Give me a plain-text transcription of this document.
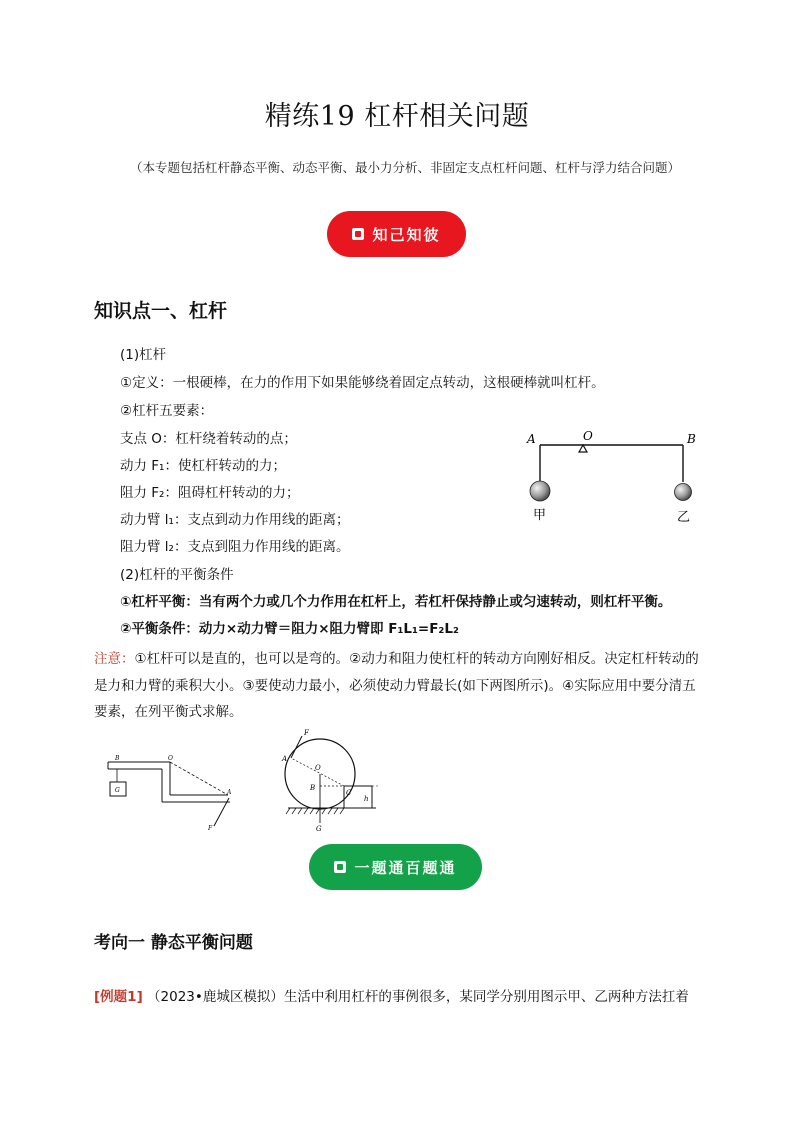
精练19 杠杆相关问题
（本专题包括杠杆静态平衡、动态平衡、最小力分析、非固定支点杠杆问题、杠杆与浮力结合问题）
知己知彼
知识点一、杠杆
(1)杠杆
①定义：一根硬棒，在力的作用下如果能够绕着固定点转动，这根硬棒就叫杠杆。
②杠杆五要素：
支点 O：杠杆绕着转动的点；
动力 F₁：使杠杆转动的力；
阻力 F₂：阻碍杠杆转动的力；
动力臂 l₁：支点到动力作用线的距离；
阻力臂 l₂：支点到阻力作用线的距离。
(2)杠杆的平衡条件
①杠杆平衡：当有两个力或几个力作用在杠杆上，若杠杆保持静止或匀速转动，则杠杆平衡。
②平衡条件：动力×动力臂＝阻力×阻力臂即 F₁L₁=F₂L₂
注意：①杠杆可以是直的，也可以是弯的。②动力和阻力使杠杆的转动方向刚好相反。决定杠杆转动的是力和力臂的乘积大小。③要使动力最小，必须使动力臂最长(如下两图所示)。④实际应用中要分清五要素，在列平衡式求解。
A	O	B
甲	乙
B	O
G	A
F
F
A
O
B
C
h
G
一题通百题通
考向一 静态平衡问题
[例题1] （2023•鹿城区模拟）生活中利用杠杆的事例很多，某同学分别用图示甲、乙两种方法扛着
